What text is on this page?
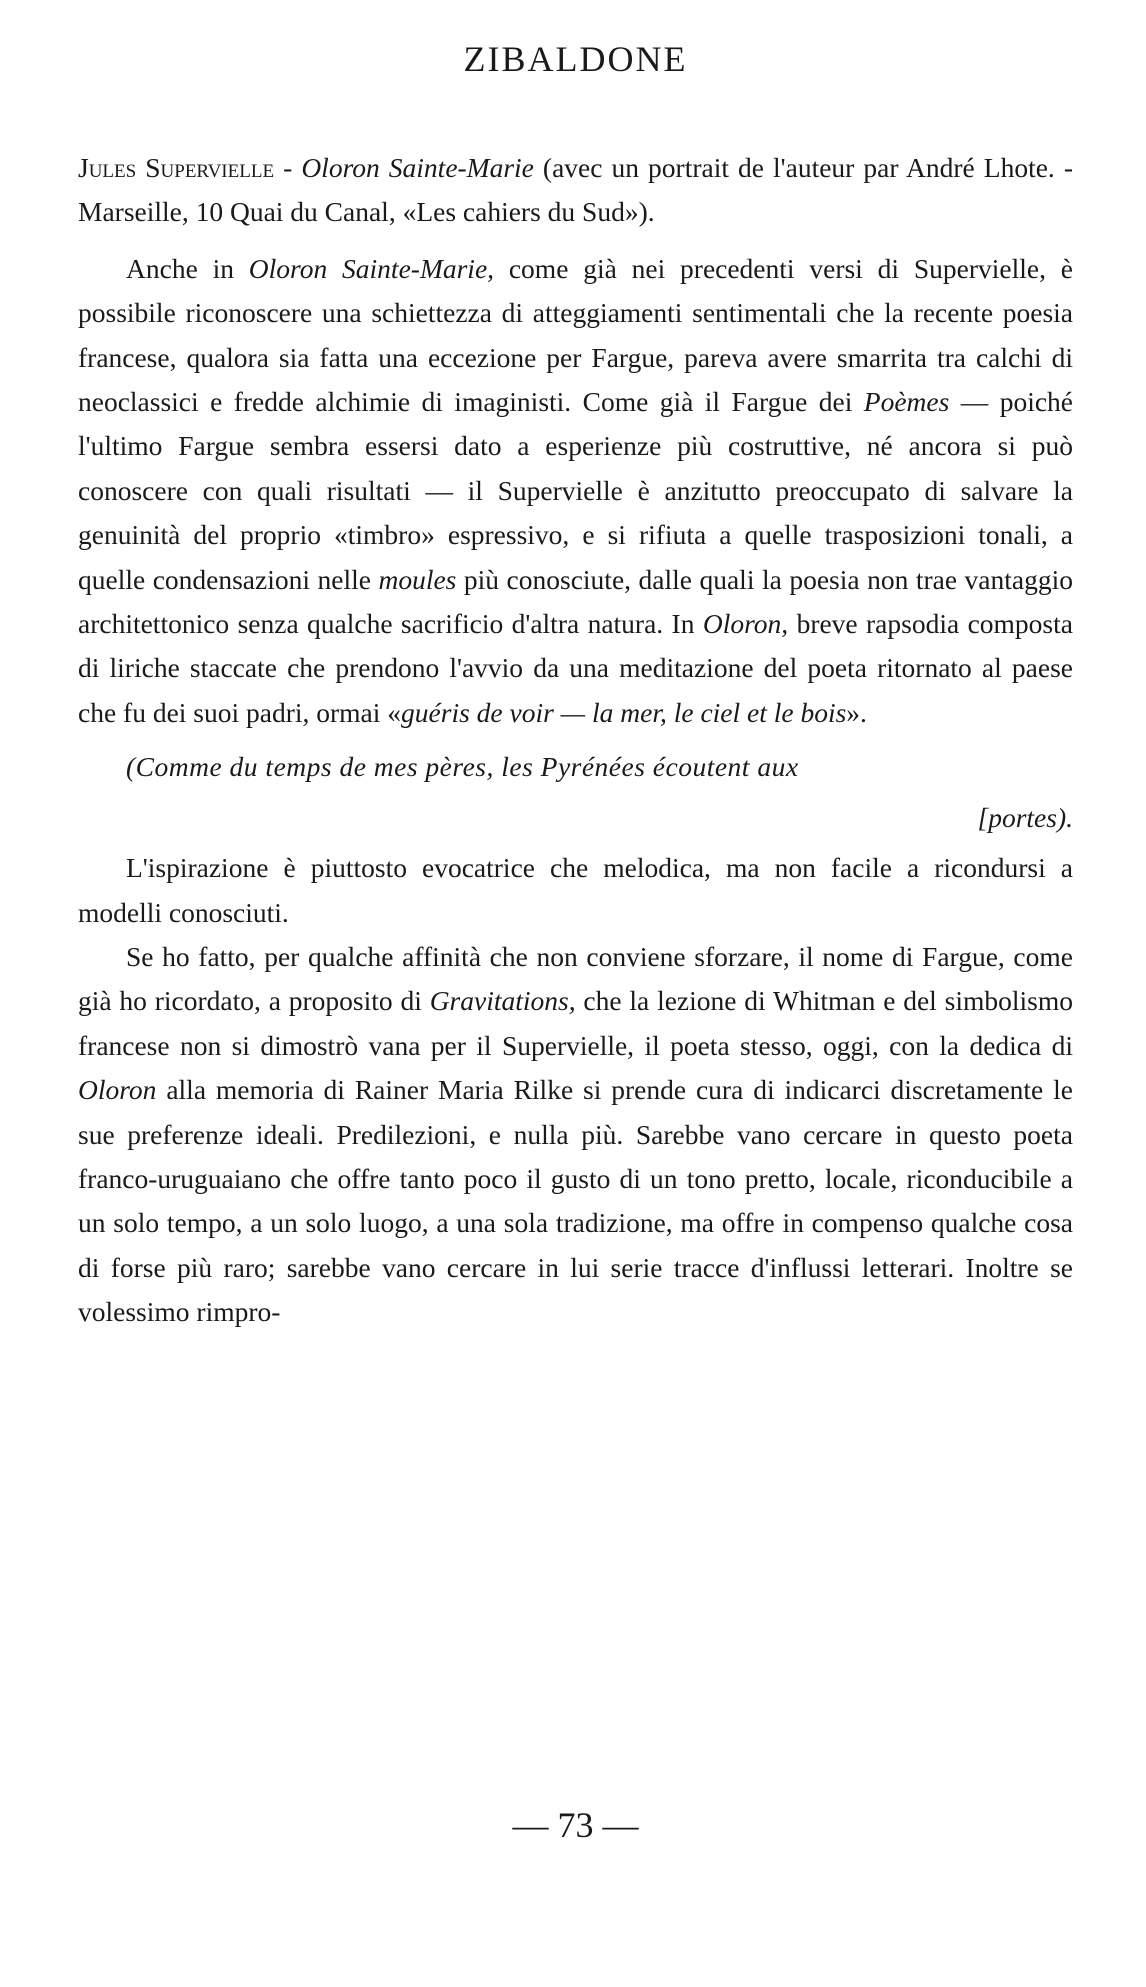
ZIBALDONE

Jules Supervielle - Oloron Sainte-Marie (avec un portrait de l'auteur par André Lhote. - Marseille, 10 Quai du Canal, «Les cahiers du Sud»).

Anche in Oloron Sainte-Marie, come già nei precedenti versi di Supervielle, è possibile riconoscere una schiettezza di atteggiamenti sentimentali che la recente poesia francese, qualora sia fatta una eccezione per Fargue, pareva avere smarrita tra calchi di neoclassici e fredde alchimie di imaginisti. Come già il Fargue dei Poèmes — poiché l'ultimo Fargue sembra essersi dato a esperienze più costruttive, né ancora si può conoscere con quali risultati — il Supervielle è anzitutto preoccupato di salvare la genuinità del proprio «timbro» espressivo, e si rifiuta a quelle trasposizioni tonali, a quelle condensazioni nelle moules più conosciute, dalle quali la poesia non trae vantaggio architettonico senza qualche sacrificio d'altra natura. In Oloron, breve rapsodia composta di liriche staccate che prendono l'avvio da una meditazione del poeta ritornato al paese che fu dei suoi padri, ormai «guéris de voir — la mer, le ciel et le bois».

(Comme du temps de mes pères, les Pyrénées écoutent aux

[portes).

L'ispirazione è piuttosto evocatrice che melodica, ma non facile a ricondursi a modelli conosciuti.

Se ho fatto, per qualche affinità che non conviene sforzare, il nome di Fargue, come già ho ricordato, a proposito di Gravitations, che la lezione di Whitman e del simbolismo francese non si dimostrò vana per il Supervielle, il poeta stesso, oggi, con la dedica di Oloron alla memoria di Rainer Maria Rilke si prende cura di indicarci discretamente le sue preferenze ideali. Predilezioni, e nulla più. Sarebbe vano cercare in questo poeta franco-uruguaiano che offre tanto poco il gusto di un tono pretto, locale, riconducibile a un solo tempo, a un solo luogo, a una sola tradizione, ma offre in compenso qualche cosa di forse più raro; sarebbe vano cercare in lui serie tracce d'influssi letterari. Inoltre se volessimo rimpro-

— 73 —
